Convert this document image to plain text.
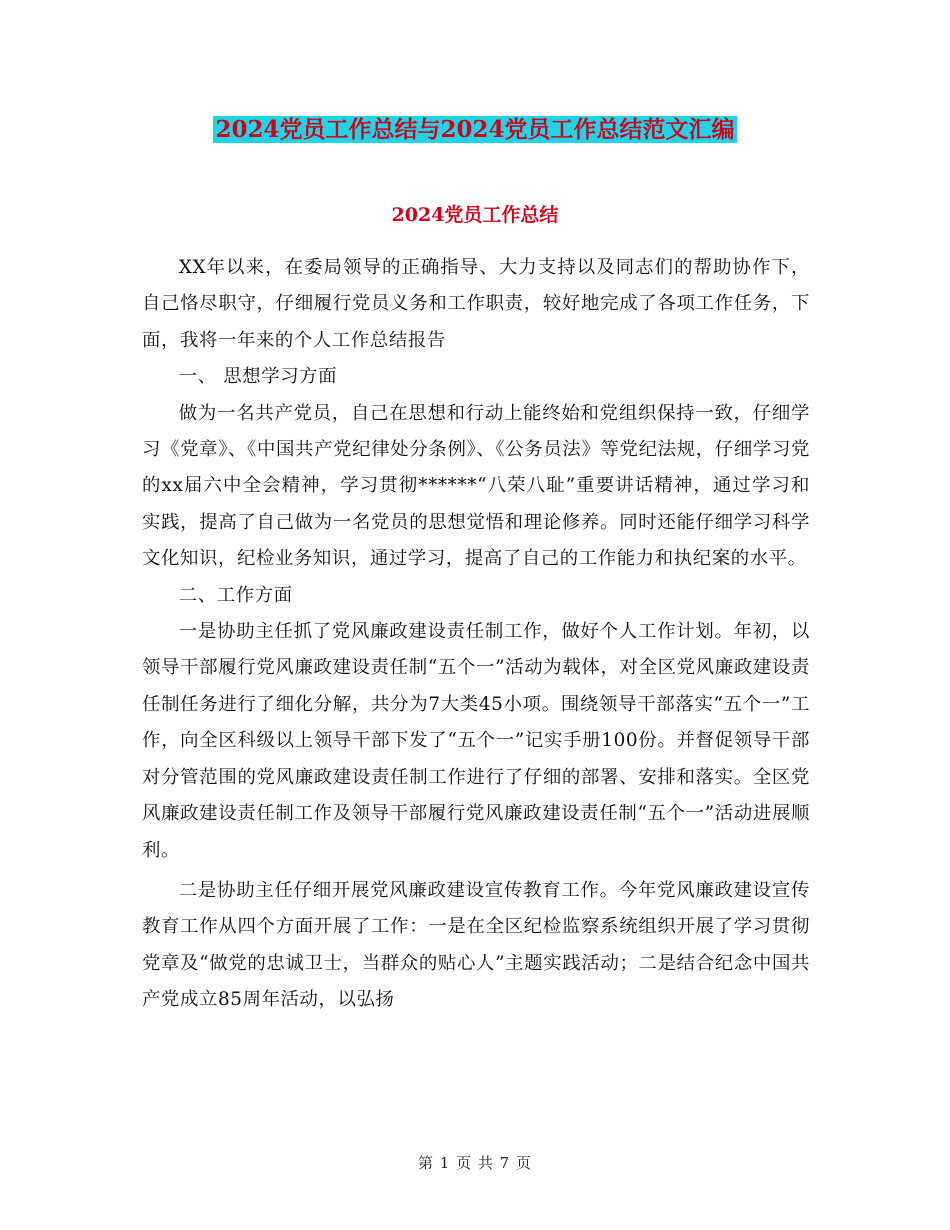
2024党员工作总结与2024党员工作总结范文汇编
2024党员工作总结

XX年以来，在委局领导的正确指导、大力支持以及同志们的帮助协作下，自己恪尽职守，仔细履行党员义务和工作职责，较好地完成了各项工作任务，下面，我将一年来的个人工作总结报告

一、 思想学习方面

做为一名共产党员，自己在思想和行动上能终始和党组织保持一致，仔细学习《党章》、《中国共产党纪律处分条例》、《公务员法》等党纪法规，仔细学习党的xx届六中全会精神，学习贯彻******“八荣八耻”重要讲话精神，通过学习和实践，提高了自己做为一名党员的思想觉悟和理论修养。同时还能仔细学习科学文化知识，纪检业务知识，通过学习，提高了自己的工作能力和执纪案的水平。

二、工作方面

一是协助主任抓了党风廉政建设责任制工作，做好个人工作计划。年初，以领导干部履行党风廉政建设责任制“五个一”活动为载体，对全区党风廉政建设责任制任务进行了细化分解，共分为7大类45小项。围绕领导干部落实“五个一”工作，向全区科级以上领导干部下发了“五个一”记实手册100份。并督促领导干部对分管范围的党风廉政建设责任制工作进行了仔细的部署、安排和落实。全区党风廉政建设责任制工作及领导干部履行党风廉政建设责任制“五个一”活动进展顺利。

二是协助主任仔细开展党风廉政建设宣传教育工作。今年党风廉政建设宣传教育工作从四个方面开展了工作：一是在全区纪检监察系统组织开展了学习贯彻党章及“做党的忠诚卫士，当群众的贴心人”主题实践活动；二是结合纪念中国共产党成立85周年活动，以弘扬

第 1 页 共 7 页
